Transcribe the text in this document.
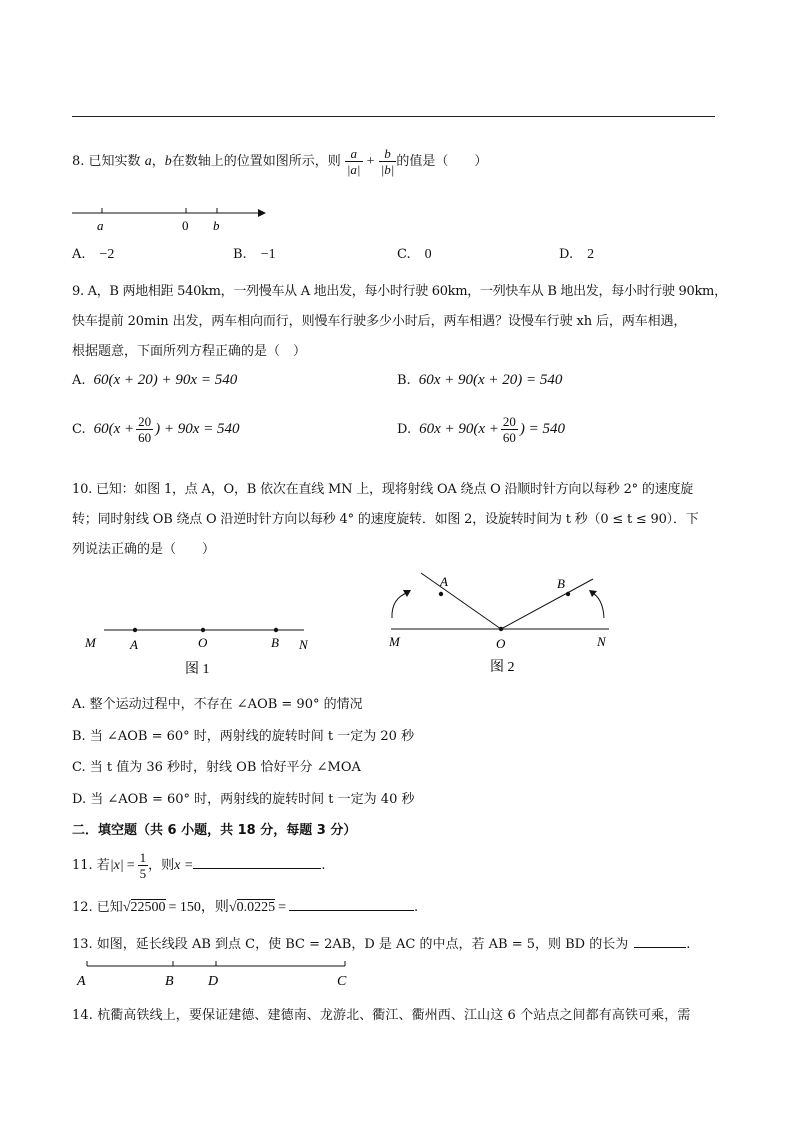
8. 已知实数 a，b在数轴上的位置如图所示，则 $\frac{a}{|a|} + \frac{b}{|b|}$ 的值是（　　）
a	0 b
A. −2	B. −1	C. 0	D. 2
9. A，B 两地相距 540km，一列慢车从 A 地出发，每小时行驶 60km，一列快车从 B 地出发，每小时行驶 90km，
快车提前 20min 出发，两车相向而行，则慢车行驶多少小时后，两车相遇？设慢车行驶 xh 后，两车相遇，
根据题意，下面所列方程正确的是（　）
A. 60(x + 20) + 90x = 540	B. 60x + 90(x + 20) = 540
C. $60(x + \frac{20}{60}$ ) + 90x = 540	D. $60x + 90(x + \frac{20}{60}$ ) = 540
10. 已知：如图 1，点 A，O，B 依次在直线 MN 上，现将射线 OA 绕点 O 沿顺时针方向以每秒 2° 的速度旋
转；同时射线 OB 绕点 O 沿逆时针方向以每秒 4° 的速度旋转．如图 2，设旋转时间为 t 秒（0 ≤ t ≤ 90）．下
列说法正确的是（　　）
M	A	O	B N
图 1
A	B
M	O	N
图 2
A. 整个运动过程中，不存在 ∠AOB = 90° 的情况
B. 当 ∠AOB = 60° 时，两射线的旋转时间 t 一定为 20 秒
C. 当 t 值为 36 秒时，射线 OB 恰好平分 ∠MOA
D. 当 ∠AOB = 60° 时，两射线的旋转时间 t 一定为 40 秒
二．填空题（共 6 小题，共 18 分，每题 3 分）
11. 若$|x| = \frac{1}{5}$ ，则x =	.
12. 已知√22500 = 150，则√0.0225 =	.
13. 如图，延长线段 AB 到点 C，使 BC = 2AB，D 是 AC 的中点，若 AB = 5，则 BD 的长为	.
A	B D	C
14. 杭衢高铁线上，要保证建德、建德南、龙游北、衢江、衢州西、江山这 6 个站点之间都有高铁可乘，需
